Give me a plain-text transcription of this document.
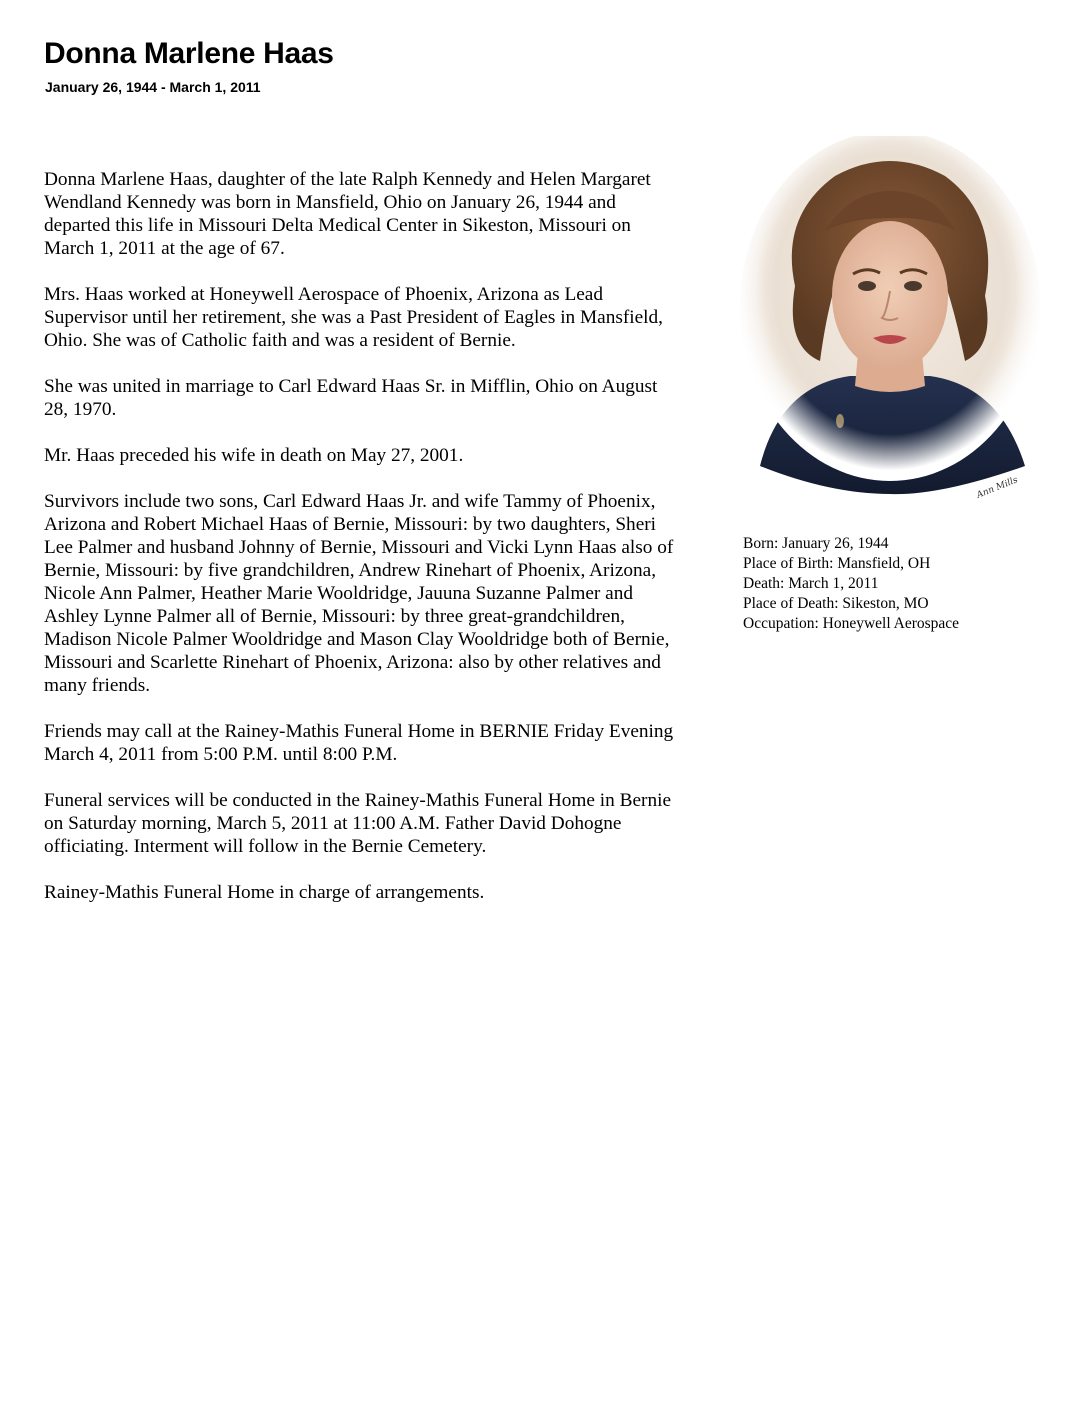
Donna Marlene Haas
January 26, 1944 - March 1, 2011

Donna Marlene Haas, daughter of the late Ralph Kennedy and Helen Margaret Wendland Kennedy was born in Mansfield, Ohio on January 26, 1944 and departed this life in Missouri Delta Medical Center in Sikeston, Missouri on March 1, 2011 at the age of 67.

Mrs. Haas worked at Honeywell Aerospace of Phoenix, Arizona as Lead Supervisor until her retirement, she was a Past President of Eagles in Mansfield, Ohio. She was of Catholic faith and was a resident of Bernie.

She was united in marriage to Carl Edward Haas Sr. in Mifflin, Ohio on August 28, 1970.

Mr. Haas preceded his wife in death on May 27, 2001.

Survivors include two sons, Carl Edward Haas Jr. and wife Tammy of Phoenix, Arizona and Robert Michael Haas of Bernie, Missouri: by two daughters, Sheri Lee Palmer and husband Johnny of Bernie, Missouri and Vicki Lynn Haas also of Bernie, Missouri: by five grandchildren, Andrew Rinehart of Phoenix, Arizona, Nicole Ann Palmer, Heather Marie Wooldridge, Jauuna Suzanne Palmer and Ashley Lynne Palmer all of Bernie, Missouri: by three great-grandchildren, Madison Nicole Palmer Wooldridge and Mason Clay Wooldridge both of Bernie, Missouri and Scarlette Rinehart of Phoenix, Arizona: also by other relatives and many friends.

Friends may call at the Rainey-Mathis Funeral Home in BERNIE Friday Evening March 4, 2011 from 5:00 P.M. until 8:00 P.M.

Funeral services will be conducted in the Rainey-Mathis Funeral Home in Bernie on Saturday morning, March 5, 2011 at 11:00 A.M. Father David Dohogne officiating. Interment will follow in the Bernie Cemetery.

Rainey-Mathis Funeral Home in charge of arrangements.

Ann Mills
Born: January 26, 1944
Place of Birth: Mansfield, OH
Death: March 1, 2011
Place of Death: Sikeston, MO
Occupation: Honeywell Aerospace
